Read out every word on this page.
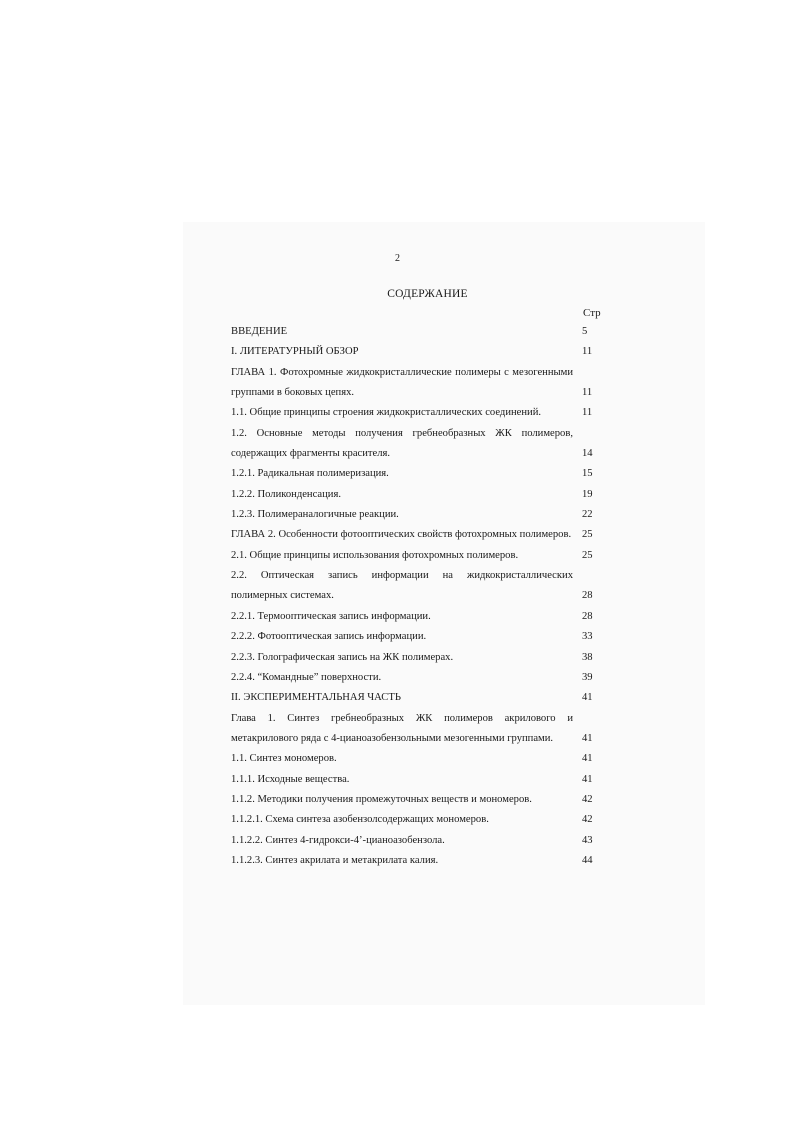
2
СОДЕРЖАНИЕ
Стр
ВВЕДЕНИЕ	5
I. ЛИТЕРАТУРНЫЙ ОБЗОР	11
ГЛАВА 1. Фотохромные жидкокристаллические полимеры с мезогенными группами в боковых цепях.	11
1.1. Общие принципы строения жидкокристаллических соединений.	11
1.2. Основные методы получения гребнеобразных ЖК полимеров, содержащих фрагменты красителя.	14
1.2.1. Радикальная полимеризация.	15
1.2.2. Поликонденсация.	19
1.2.3. Полимераналогичные реакции.	22
ГЛАВА 2. Особенности фотооптических свойств фотохромных полимеров. 25
2.1. Общие принципы использования фотохромных полимеров.	25
2.2. Оптическая запись информации на жидкокристаллических полимерных системах.	28
2.2.1. Термооптическая запись информации.	28
2.2.2. Фотооптическая запись информации.	33
2.2.3. Голографическая запись на ЖК полимерах.	38
2.2.4. “Командные” поверхности.	39
II. ЭКСПЕРИМЕНТАЛЬНАЯ ЧАСТЬ	41
Глава 1. Синтез гребнеобразных ЖК полимеров акрилового и метакрилового ряда с 4-цианоазобензольными мезогенными группами.	41
1.1. Синтез мономеров.	41
1.1.1. Исходные вещества.	41
1.1.2. Методики получения промежуточных веществ и мономеров.	42
1.1.2.1. Схема синтеза азобензолсодержащих мономеров.	42
1.1.2.2. Синтез 4-гидрокси-4’-цианоазобензола.	43
1.1.2.3. Синтез акрилата и метакрилата калия.	44
